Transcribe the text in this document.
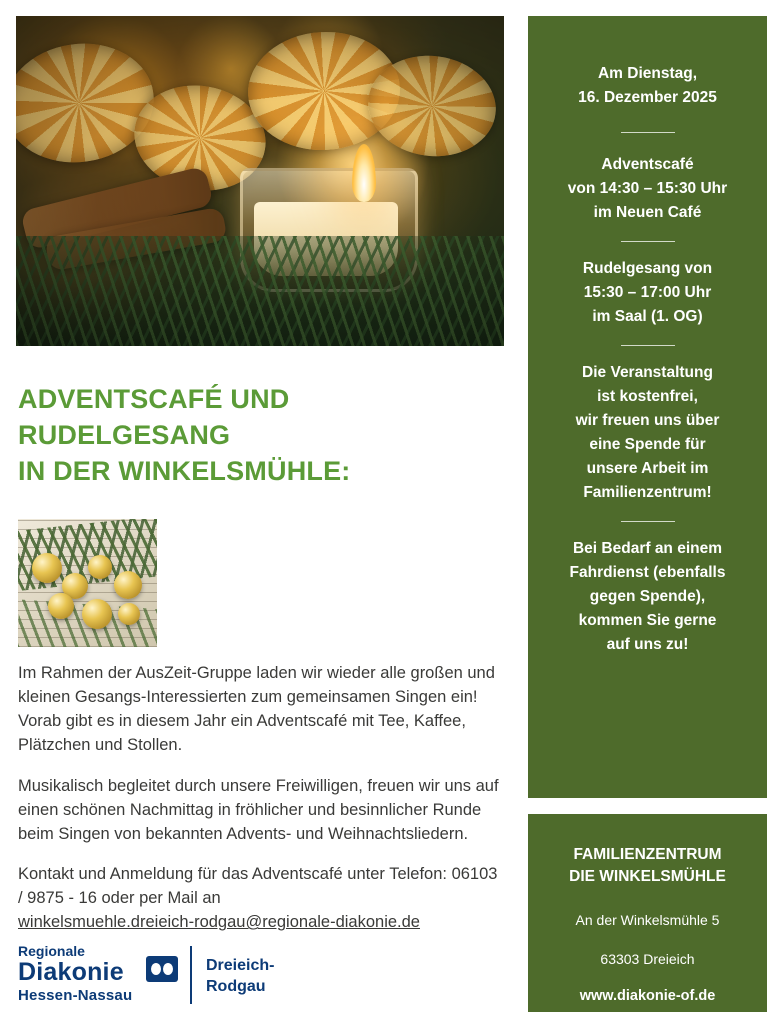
ADVENTSCAFÉ UND
RUDELGESANG
IN DER WINKELSMÜHLE:

Im Rahmen der AusZeit-Gruppe laden wir wieder alle großen und kleinen Gesangs-Interessierten zum gemeinsamen Singen ein! Vorab gibt es in diesem Jahr ein Adventscafé mit Tee, Kaffee, Plätzchen und Stollen.

Musikalisch begleitet durch unsere Freiwilligen, freuen wir uns auf einen schönen Nachmittag in fröhlicher und besinnlicher Runde beim Singen von bekannten Advents- und Weihnachtsliedern.

Kontakt und Anmeldung für das Adventscafé unter Telefon: 06103 / 9875 - 16 oder per Mail an
winkelsmuehle.dreieich-rodgau@regionale-diakonie.de

Regionale
Diakonie
Hessen-Nassau
Dreieich-
Rodgau
Am Dienstag,
16. Dezember 2025
Adventscafé
von 14:30 – 15:30 Uhr
im Neuen Café
Rudelgesang von
15:30 – 17:00 Uhr
im Saal (1. OG)
Die Veranstaltung
ist kostenfrei,
wir freuen uns über
eine Spende für
unsere Arbeit im
Familienzentrum!
Bei Bedarf an einem
Fahrdienst (ebenfalls
gegen Spende),
kommen Sie gerne
auf uns zu!
FAMILIENZENTRUM
DIE WINKELSMÜHLE
An der Winkelsmühle 5
63303 Dreieich
www.diakonie-of.de
